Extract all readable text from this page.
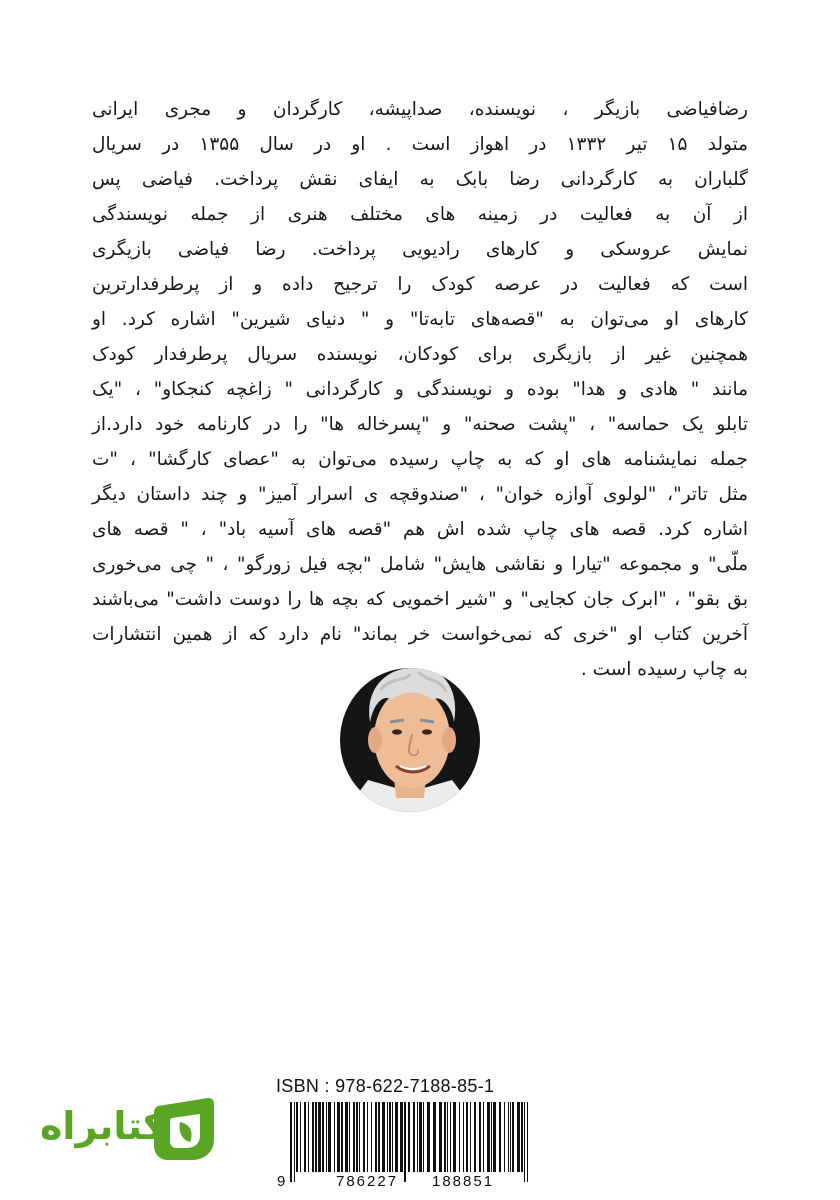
رضافیاضی بازیگر ، نویسنده، صداپیشه، کارگردان و مجری ایرانی
متولد ۱۵ تیر ۱۳۳۲ در اهواز است . او در سال ۱۳۵۵ در سریال
گلباران به کارگردانی رضا بابک به ایفای نقش پرداخت. فیاضی پس
از آن به فعالیت در زمینه های مختلف هنری از جمله نویسندگی
نمایش عروسکی و کارهای رادیویی پرداخت. رضا فیاضی بازیگری
است که فعالیت در عرصه کودک را ترجیح داده و از پرطرفدارترین
کارهای او می‌توان به "قصه‌های تابه‌تا" و " دنیای شیرین" اشاره کرد. او
همچنین غیر از بازیگری برای کودکان، نویسنده سریال پرطرفدار کودک
مانند " هادی و هدا" بوده و نویسندگی و کارگردانی " زاغچه کنجکاو" ، "یک
تابلو یک حماسه" ، "پشت صحنه" و "پسرخاله ها" را در کارنامه خود دارد.از
جمله نمایشنامه های او که به چاپ رسیده می‌توان به "عصای کارگشا" ، "ت
مثل تاتر"، "لولوی آوازه خوان" ، "صندوقچه ی اسرار آمیز" و چند داستان دیگر
اشاره کرد. قصه های چاپ شده اش هم "قصه های آسیه باد" ، " قصه های
ملّی" و مجموعه "تیارا و نقاشی هایش" شامل "بچه فیل زورگو" ، " چی می‌خوری
بق بقو" ، "ابرک جان کجایی" و "شیر اخمویی که بچه ها را دوست داشت" می‌باشند
آخرین کتاب او "خری که نمی‌خواست خر بماند" نام دارد که از همین انتشارات
به چاپ رسیده است .
ISBN : 978-622-7188-85-1
9	786227 188851
کتابراه
